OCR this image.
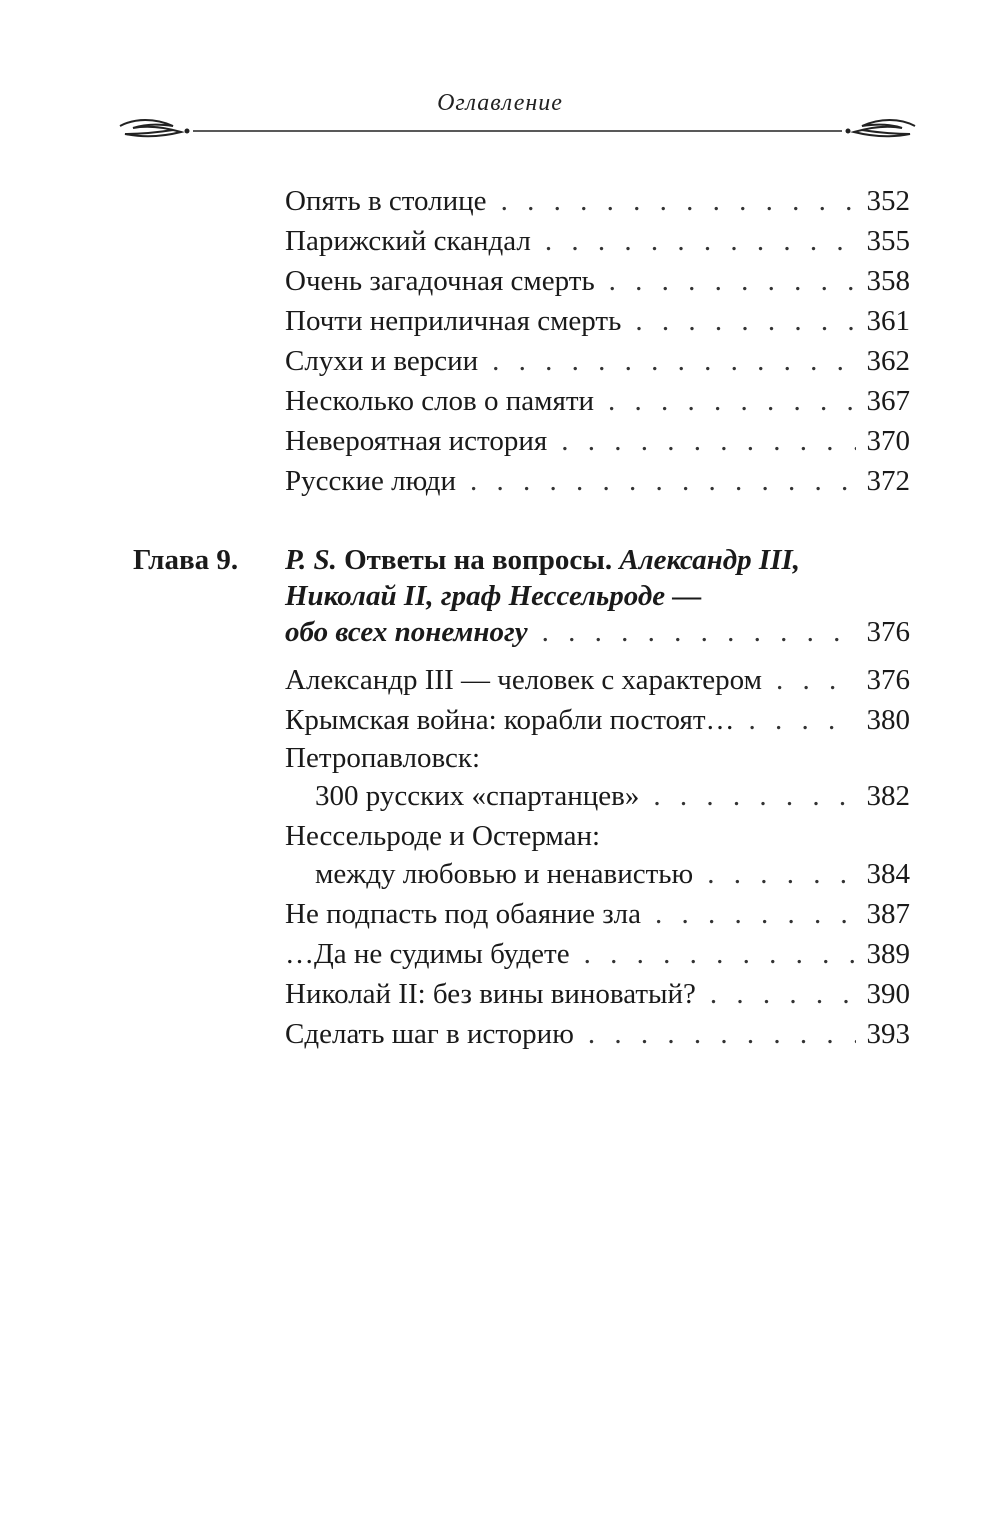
Оглавление
Опять в столице . . .	352
Парижский скандал . . .	355
Очень загадочная смерть . . .	358
Почти неприличная смерть . . .	361
Слухи и версии . . .	362
Несколько слов о памяти . . .	367
Невероятная история . . .	370
Русские люди . . .	372
Глава 9. P. S. Ответы на вопросы. Александр III,
Николай II, граф Нессельроде —
обо всех понемногу . . .	376
Александр III — человек с характером . . .	376
Крымская война: корабли постоят… . . .	380
Петропавловск:
300 русских «спартанцев» . . .	382
Нессельроде и Остерман:
между любовью и ненавистью . . .	384
Не подпасть под обаяние зла . . .	387
…Да не судимы будете . . .	389
Николай II: без вины виноватый? . . .	390
Сделать шаг в историю . . .	393
